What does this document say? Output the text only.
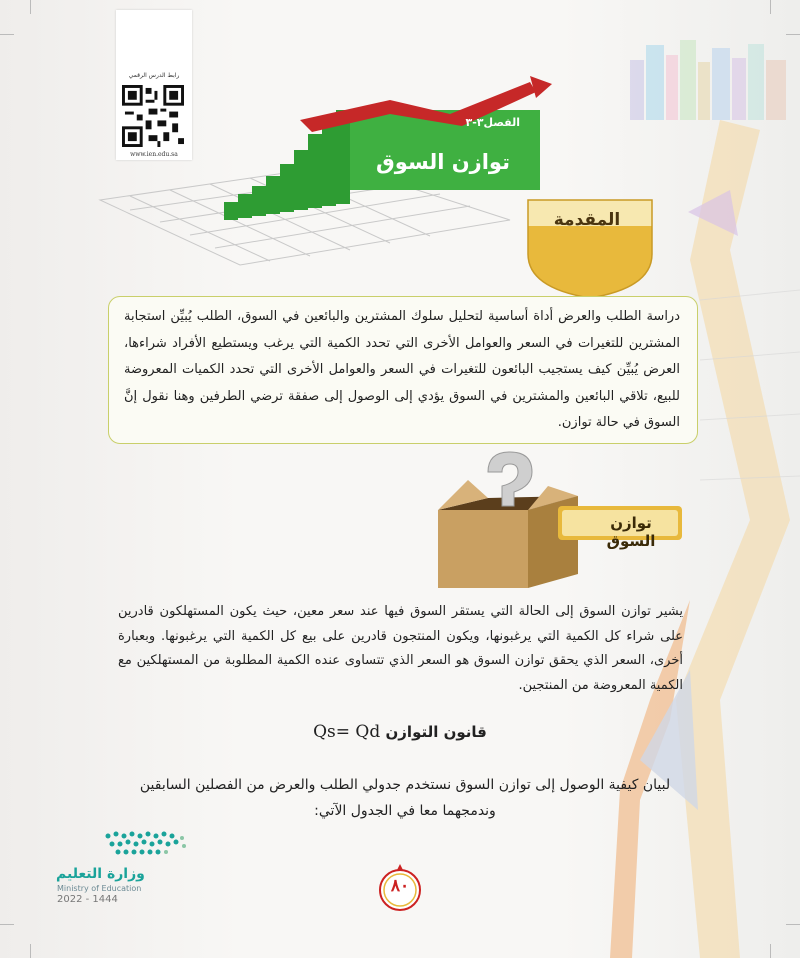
رابط الدرس الرقمي
www.ien.edu.sa
الفصل٣-٣
توازن السوق
المقدمة
دراسة الطلب والعرض أداة أساسية لتحليل سلوك المشترين والبائعين في السوق، الطلب يُبيِّن استجابة المشترين للتغيرات في السعر والعوامل الأخرى التي تحدد الكمية التي يرغب ويستطيع الأفراد شراءها، العرض يُبيِّن كيف يستجيب البائعون للتغيرات في السعر والعوامل الأخرى التي تحدد الكميات المعروضة للبيع، تلاقي البائعين والمشترين في السوق يؤدي إلى الوصول إلى صفقة ترضي الطرفين وهنا نقول إنَّ السوق في حالة توازن.
توازن السوق
يشير توازن السوق إلى الحالة التي يستقر السوق فيها عند سعر معين، حيث يكون المستهلكون قادرين على شراء كل الكمية التي يرغبونها، ويكون المنتجون قادرين على بيع كل الكمية التي يرغبونها. وبعبارة أخرى، السعر الذي يحقق توازن السوق هو السعر الذي تتساوى عنده الكمية المطلوبة من المستهلكين مع الكمية المعروضة من المنتجين.
قانون التوازن Qs= Qd
لبيان كيفية الوصول إلى توازن السوق نستخدم جدولي الطلب والعرض من الفصلين السابقين وندمجهما معا في الجدول الآتي:
وزارة التعليم
Ministry of Education
2022 - 1444
٨٠
